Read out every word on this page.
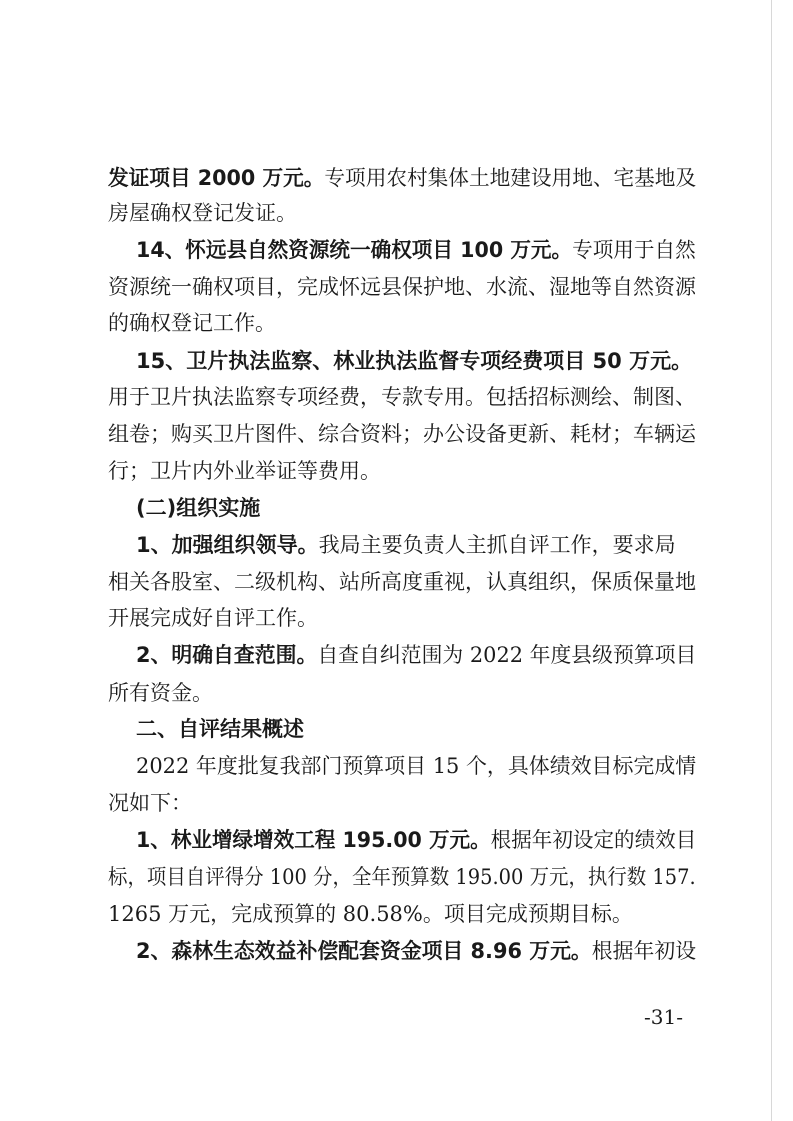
发证项目 2000 万元。专项用农村集体土地建设用地、宅基地及
房屋确权登记发证。
14、怀远县自然资源统一确权项目 100 万元。专项用于自然
资源统一确权项目，完成怀远县保护地、水流、湿地等自然资源
的确权登记工作。
15、卫片执法监察、林业执法监督专项经费项目 50 万元。
用于卫片执法监察专项经费，专款专用。包括招标测绘、制图、
组卷；购买卫片图件、综合资料；办公设备更新、耗材；车辆运
行；卫片内外业举证等费用。
(二)组织实施
1、加强组织领导。我局主要负责人主抓自评工作，要求局
相关各股室、二级机构、站所高度重视，认真组织，保质保量地
开展完成好自评工作。
2、明确自查范围。自查自纠范围为 2022 年度县级预算项目
所有资金。
二、自评结果概述
2022 年度批复我部门预算项目 15 个，具体绩效目标完成情
况如下：
1、林业增绿增效工程 195.00 万元。根据年初设定的绩效目
标，项目自评得分 100 分，全年预算数 195.00 万元，执行数 157.
1265 万元，完成预算的 80.58%。项目完成预期目标。
2、森林生态效益补偿配套资金项目 8.96 万元。根据年初设
-31-
